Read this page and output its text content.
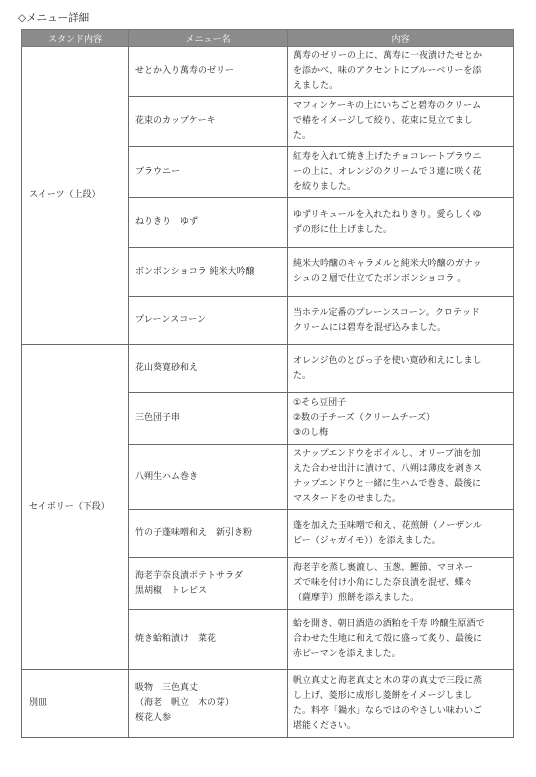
◇メニュー詳細
スタンド内容	メニュー名	内容
スイーツ（上段）	せとか入り萬寿のゼリー	萬寿のゼリーの上に、萬寿に一夜漬けたせとか
を添かべ、味のアクセントにブルーベリーを添
えました。

	花束のカップケーキ	マフィンケーキの上にいちごと碧寿のクリーム
で椿をイメージして絞り、花束に見立てまし
た。

	ブラウニー	紅寿を入れて焼き上げたチョコレートブラウニ
ーの上に、オレンジのクリームで３連に咲く花
を絞りました。

	ねりきり　ゆず	ゆずリキュールを入れたねりきり。愛らしくゆ
ずの形に仕上げました。

	ボンボンショコラ 純米大吟醸	純米大吟醸のキャラメルと純米大吟醸のガナッ
シュの２層で仕立てたボンボンショコラ 。

	プレーンスコーン	当ホテル定番のプレーンスコーン。クロテッド
クリームには碧寿を混ぜ込みました。

セイボリー（下段）	花山葵寛砂和え	オレンジ色のとびっ子を使い寛砂和えにしまし
た。

	三色団子串	①そら豆団子
②数の子チーズ（クリームチーズ）
③のし梅

	八朔生ハム巻き	スナップエンドウをボイルし、オリーブ油を加
えた合わせ出汁に漬けて、八朔は薄皮を剥きス
ナップエンドウと一緒に生ハムで巻き、最後に
マスタードをのせました。

	竹の子蓬味噌和え　新引き粉	蓬を加えた玉味噌で和え、花煎餅（ノーザンル
ビー（ジャガイモ））を添えました。

	海老芋奈良漬ポテトサラダ
黒胡椒　トレビス	海老芋を蒸し裏漉し、玉葱、鰹節、マヨネー
ズで味を付け小角にした奈良漬を混ぜ、蝶々
（薩摩芋）煎餅を添えました。

	焼き蛤粕漬け　菜花	蛤を開き、朝日酒造の酒粕を千寿 吟醸生原酒で
合わせた生地に和えて殻に盛って炙り、最後に
赤ピーマンを添えました。

別皿	吸物　三色真丈
（海老　帆立　木の芽）
桜花人参	帆立真丈と海老真丈と木の芽の真丈で三段に蒸
し上げ、菱形に成形し菱餅をイメージしまし
た。料亭「鍋水」ならではのやさしい味わいご
堪能ください。
